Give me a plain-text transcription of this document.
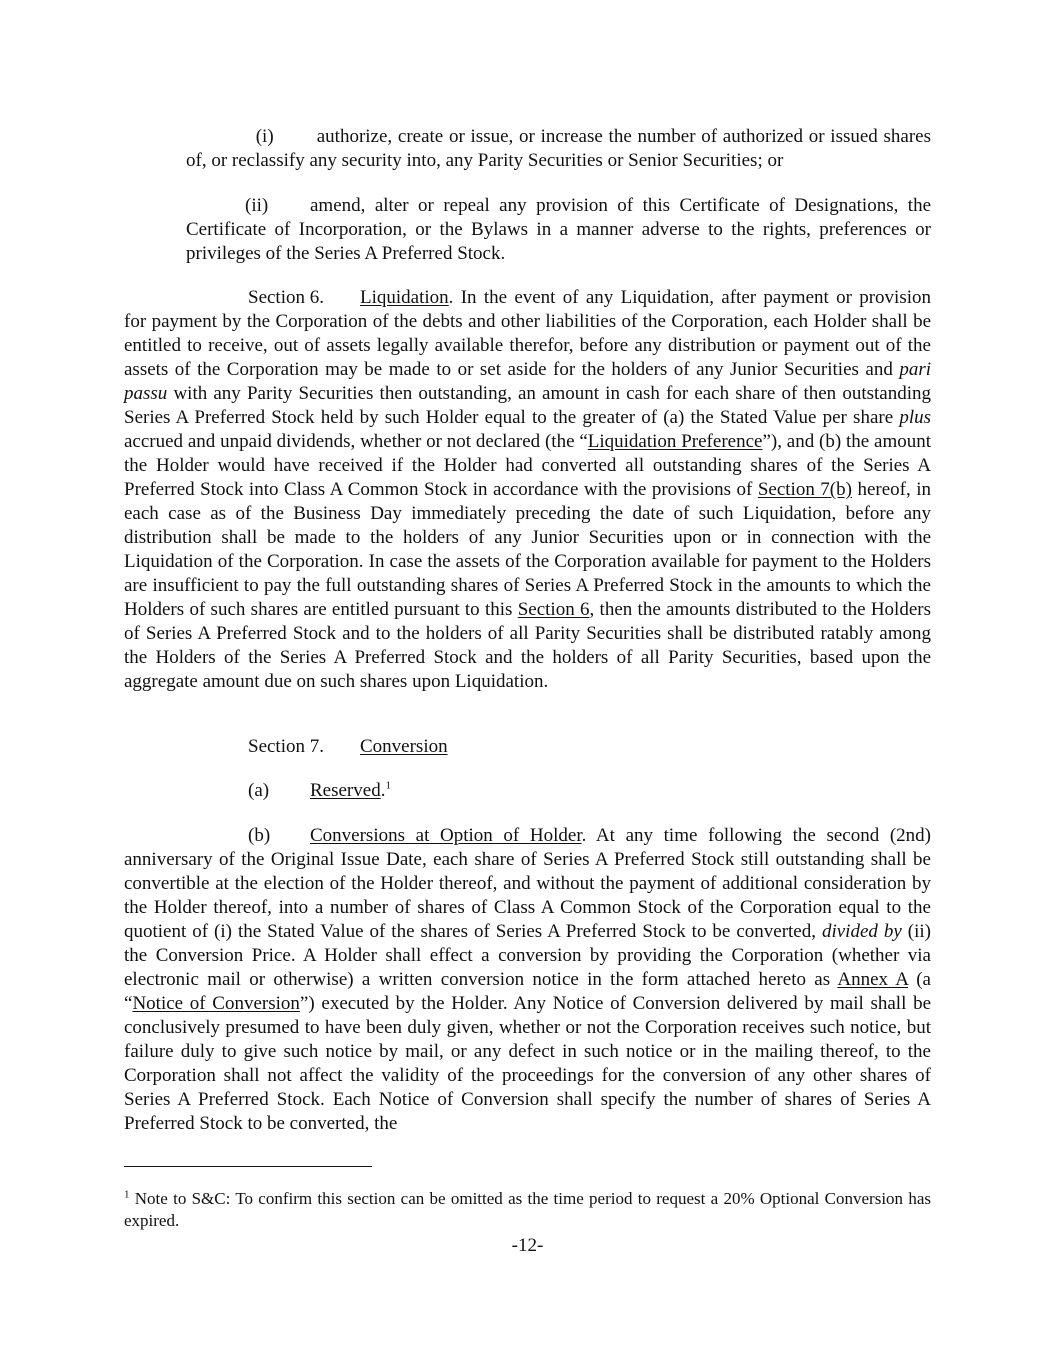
(i) authorize, create or issue, or increase the number of authorized or issued shares of, or reclassify any security into, any Parity Securities or Senior Securities; or

(ii) amend, alter or repeal any provision of this Certificate of Designations, the Certificate of Incorporation, or the Bylaws in a manner adverse to the rights, preferences or privileges of the Series A Preferred Stock.

Section 6. Liquidation. In the event of any Liquidation, after payment or provision for payment by the Corporation of the debts and other liabilities of the Corporation, each Holder shall be entitled to receive, out of assets legally available therefor, before any distribution or payment out of the assets of the Corporation may be made to or set aside for the holders of any Junior Securities and pari passu with any Parity Securities then outstanding, an amount in cash for each share of then outstanding Series A Preferred Stock held by such Holder equal to the greater of (a) the Stated Value per share plus accrued and unpaid dividends, whether or not declared (the “Liquidation Preference”), and (b) the amount the Holder would have received if the Holder had converted all outstanding shares of the Series A Preferred Stock into Class A Common Stock in accordance with the provisions of Section 7(b) hereof, in each case as of the Business Day immediately preceding the date of such Liquidation, before any distribution shall be made to the holders of any Junior Securities upon or in connection with the Liquidation of the Corporation. In case the assets of the Corporation available for payment to the Holders are insufficient to pay the full outstanding shares of Series A Preferred Stock in the amounts to which the Holders of such shares are entitled pursuant to this Section 6, then the amounts distributed to the Holders of Series A Preferred Stock and to the holders of all Parity Securities shall be distributed ratably among the Holders of the Series A Preferred Stock and the holders of all Parity Securities, based upon the aggregate amount due on such shares upon Liquidation.

Section 7. Conversion
(a) Reserved.$^1$

(b) Conversions at Option of Holder. At any time following the second (2nd) anniversary of the Original Issue Date, each share of Series A Preferred Stock still outstanding shall be convertible at the election of the Holder thereof, and without the payment of additional consideration by the Holder thereof, into a number of shares of Class A Common Stock of the Corporation equal to the quotient of (i) the Stated Value of the shares of Series A Preferred Stock to be converted, divided by (ii) the Conversion Price. A Holder shall effect a conversion by providing the Corporation (whether via electronic mail or otherwise) a written conversion notice in the form attached hereto as Annex A (a “Notice of Conversion”) executed by the Holder. Any Notice of Conversion delivered by mail shall be conclusively presumed to have been duly given, whether or not the Corporation receives such notice, but failure duly to give such notice by mail, or any defect in such notice or in the mailing thereof, to the Corporation shall not affect the validity of the proceedings for the conversion of any other shares of Series A Preferred Stock. Each Notice of Conversion shall specify the number of shares of Series A Preferred Stock to be converted, the

$^1$ Note to S&C: To confirm this section can be omitted as the time period to request a 20% Optional Conversion has expired.

-12-
